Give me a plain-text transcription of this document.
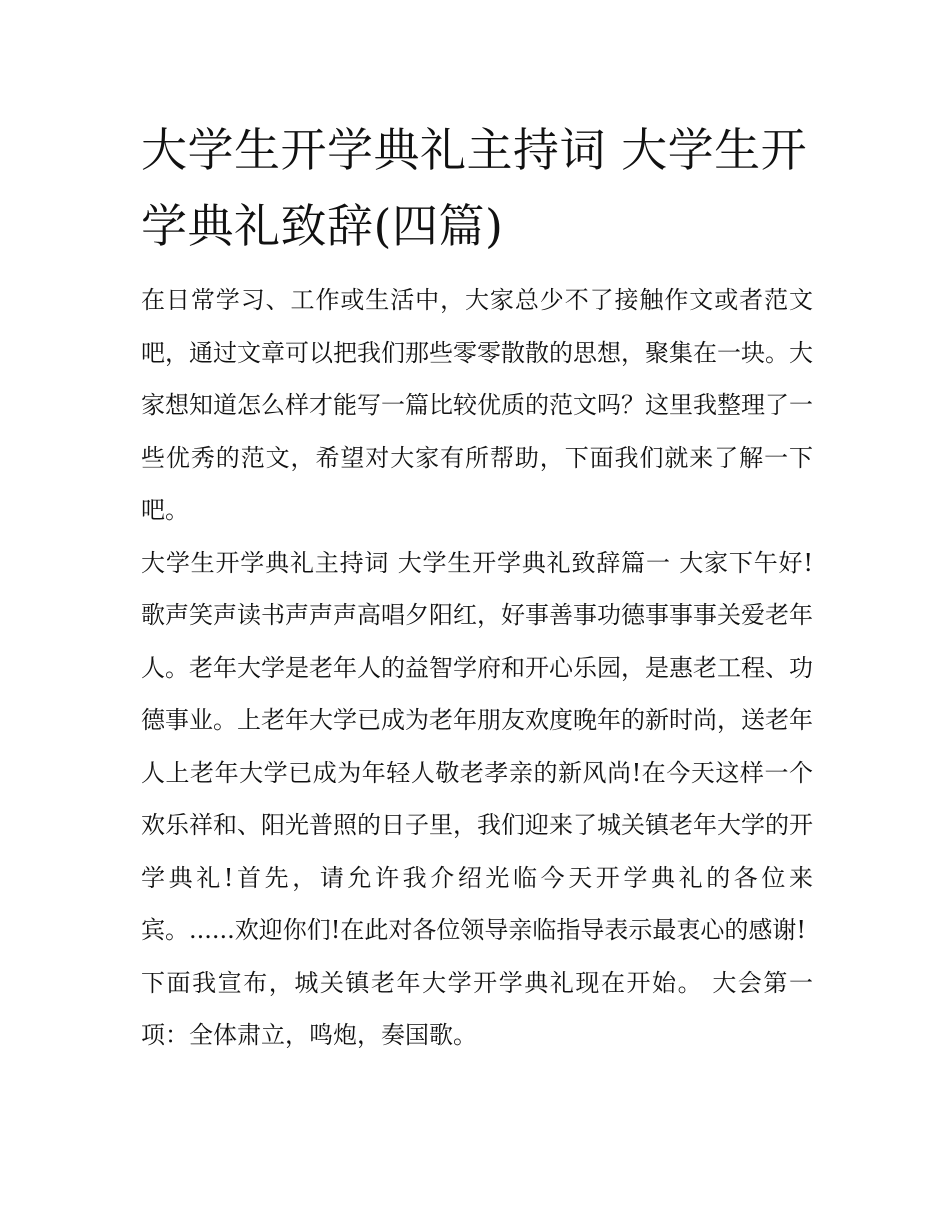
大学生开学典礼主持词 大学生开学典礼致辞(四篇)

在日常学习、工作或生活中，大家总少不了接触作文或者范文吧，通过文章可以把我们那些零零散散的思想，聚集在一块。大家想知道怎么样才能写一篇比较优质的范文吗？这里我整理了一些优秀的范文，希望对大家有所帮助，下面我们就来了解一下吧。

大学生开学典礼主持词 大学生开学典礼致辞篇一 大家下午好!歌声笑声读书声声声高唱夕阳红，好事善事功德事事事关爱老年人。老年大学是老年人的益智学府和开心乐园，是惠老工程、功德事业。上老年大学已成为老年朋友欢度晚年的新时尚，送老年人上老年大学已成为年轻人敬老孝亲的新风尚!在今天这样一个欢乐祥和、阳光普照的日子里，我们迎来了城关镇老年大学的开学典礼!首先，请允许我介绍光临今天开学典礼的各位来宾。......欢迎你们!在此对各位领导亲临指导表示最衷心的感谢!

下面我宣布，城关镇老年大学开学典礼现在开始。 大会第一项：全体肃立，鸣炮，奏国歌。
